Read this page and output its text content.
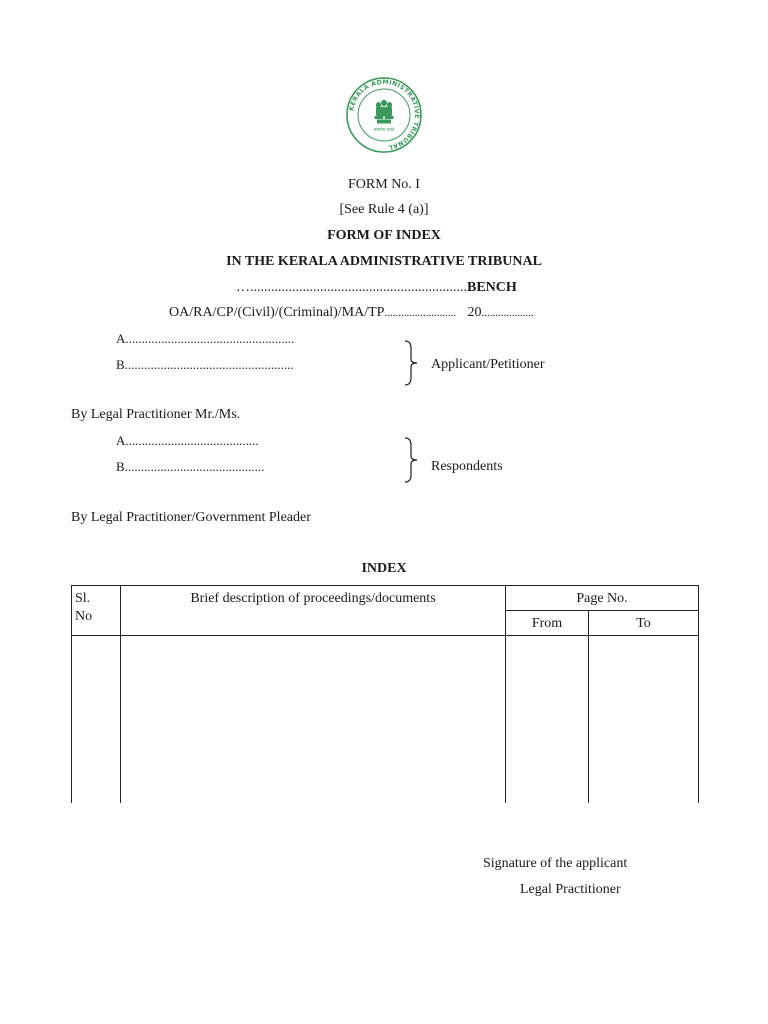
KERALA ADMINISTRATIVE TRIBUNAL
सत्यमेव जयते
FORM No. I
[See Rule 4 (a)]
FORM OF INDEX
IN THE KERALA ADMINISTRATIVE TRIBUNAL
…..............................................................BENCH
OA/RA/CP/(Civil)/(Criminal)/MA/TP.......................... 20...................
A....................................................
B....................................................	Applicant/Petitioner
By Legal Practitioner Mr./Ms.
A.........................................
B...........................................	Respondents
By Legal Practitioner/Government Pleader
INDEX
Sl.
No	Brief description of proceedings/documents	Page No.	
		From	To

Signature of the applicant
Legal Practitioner
